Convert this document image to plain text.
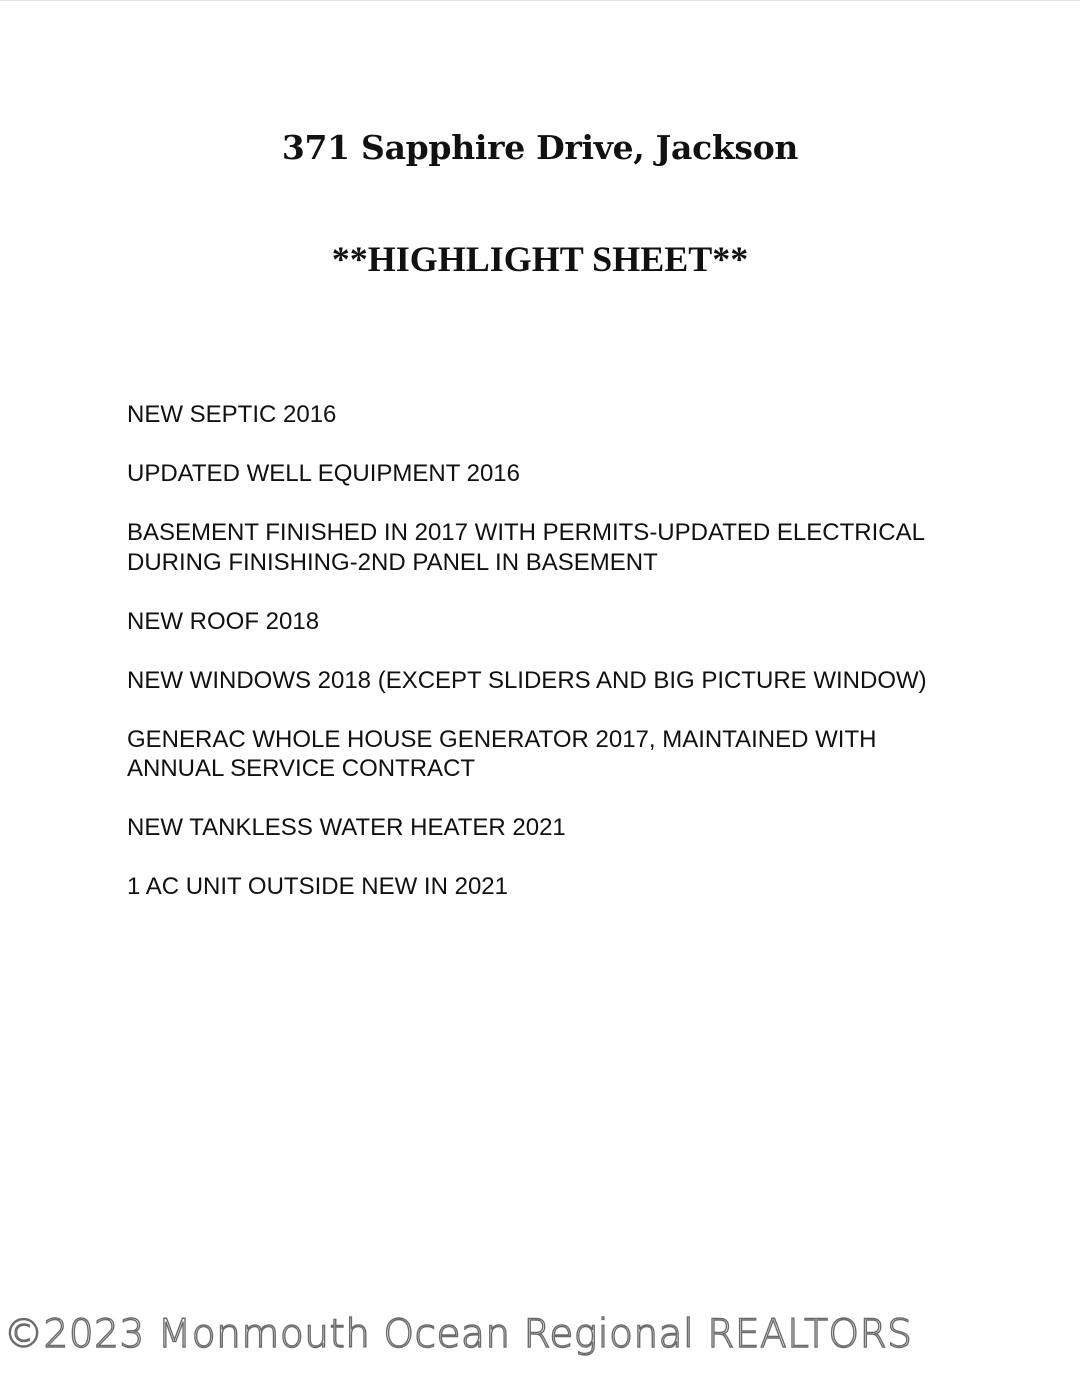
371 Sapphire Drive, Jackson
**HIGHLIGHT SHEET**
NEW SEPTIC 2016
UPDATED WELL EQUIPMENT 2016
BASEMENT FINISHED IN 2017 WITH PERMITS-UPDATED ELECTRICAL DURING FINISHING-2ND PANEL IN BASEMENT
NEW ROOF 2018
NEW WINDOWS 2018 (EXCEPT SLIDERS AND BIG PICTURE WINDOW)
GENERAC WHOLE HOUSE GENERATOR 2017, MAINTAINED WITH ANNUAL SERVICE CONTRACT
NEW TANKLESS WATER HEATER 2021
1 AC UNIT OUTSIDE NEW IN 2021
©2023 Monmouth Ocean Regional REALTORS
